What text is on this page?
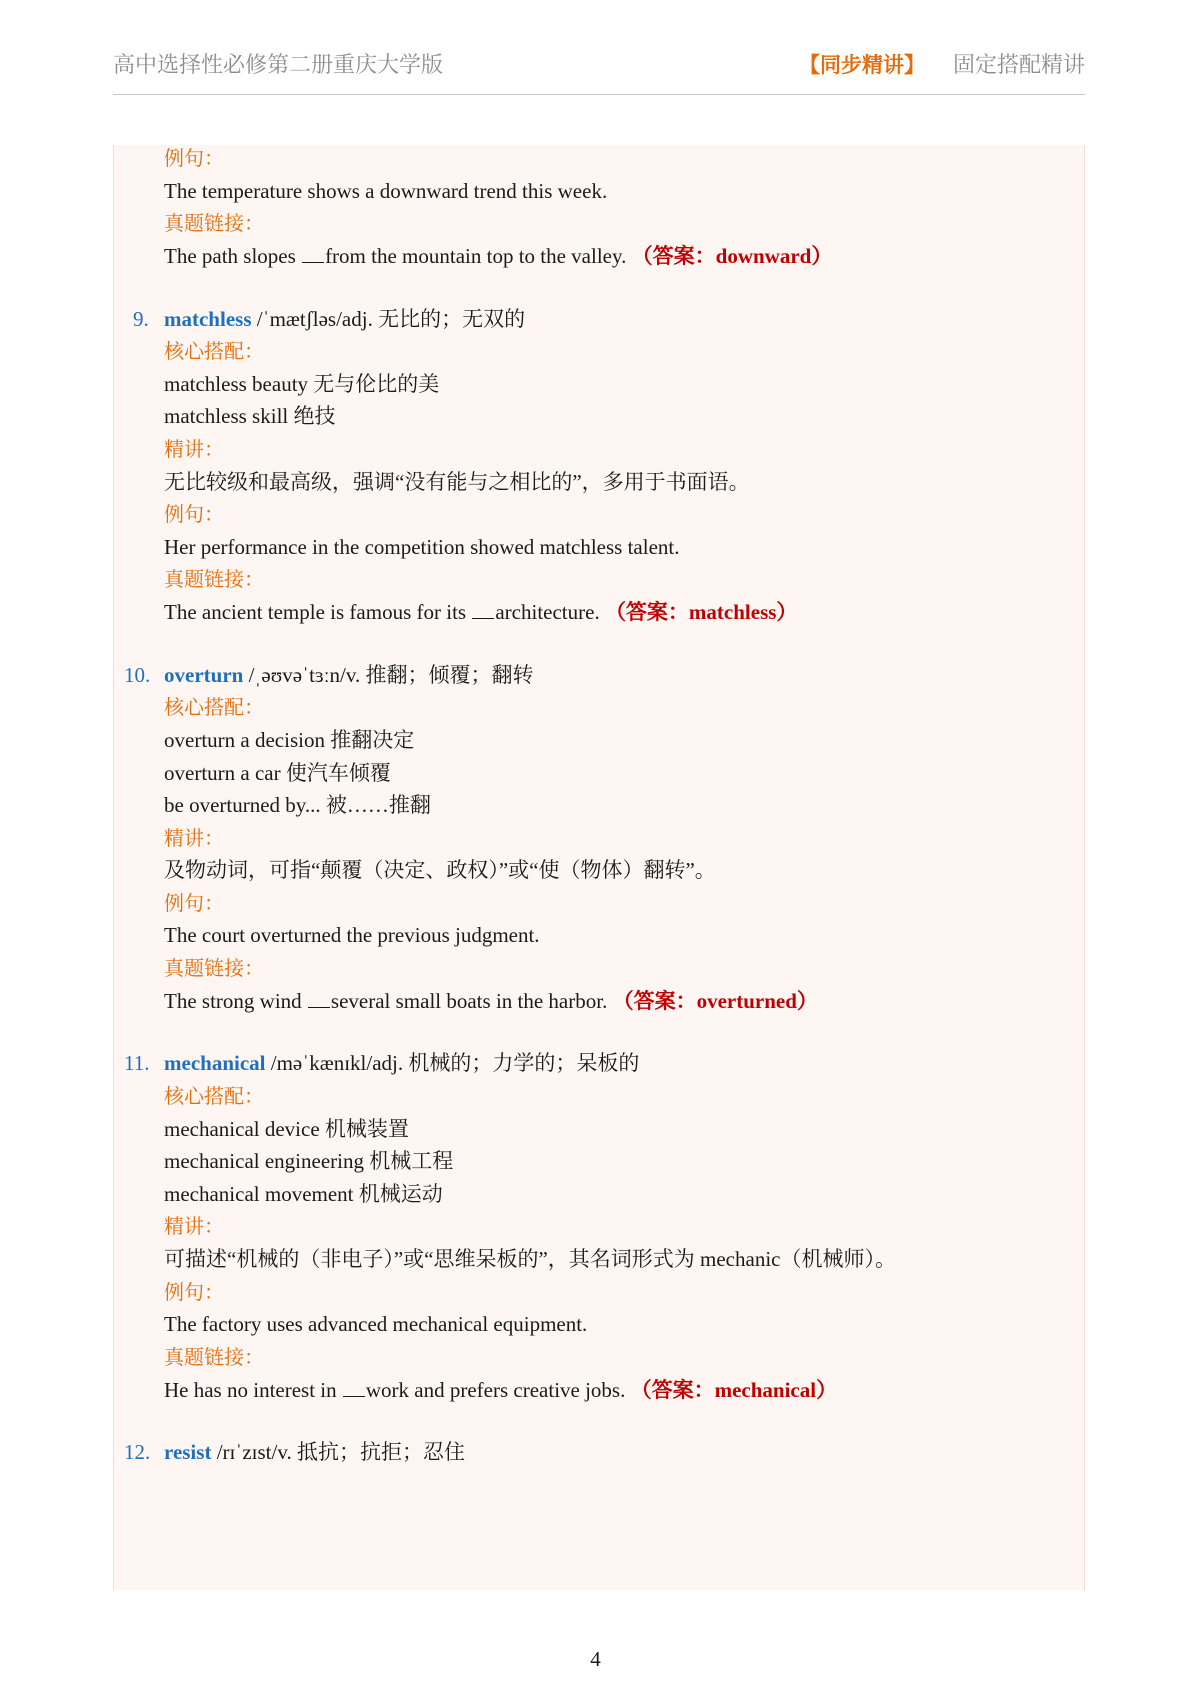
高中选择性必修第二册重庆大学版	【同步精讲】 固定搭配精讲
例句：
The temperature shows a downward trend this week.
真题链接：
The path slopes from the mountain top to the valley. （答案：downward）
9. matchless /ˈmætʃləs/adj. 无比的；无双的
核心搭配：
matchless beauty 无与伦比的美
matchless skill 绝技
精讲：
无比较级和最高级，强调“没有能与之相比的”，多用于书面语。
例句：
Her performance in the competition showed matchless talent.
真题链接：
The ancient temple is famous for its architecture. （答案：matchless）
10. overturn /ˌəʊvəˈtɜːn/v. 推翻；倾覆；翻转
核心搭配：
overturn a decision 推翻决定
overturn a car 使汽车倾覆
be overturned by... 被……推翻
精讲：
及物动词，可指“颠覆（决定、政权）”或“使（物体）翻转”。
例句：
The court overturned the previous judgment.
真题链接：
The strong wind several small boats in the harbor. （答案：overturned）
11. mechanical /məˈkænɪkl/adj. 机械的；力学的；呆板的
核心搭配：
mechanical device 机械装置
mechanical engineering 机械工程
mechanical movement 机械运动
精讲：
可描述“机械的（非电子）”或“思维呆板的”，其名词形式为 mechanic（机械师）。
例句：
The factory uses advanced mechanical equipment.
真题链接：
He has no interest in work and prefers creative jobs. （答案：mechanical）
12. resist /rɪˈzɪst/v. 抵抗；抗拒；忍住
4
